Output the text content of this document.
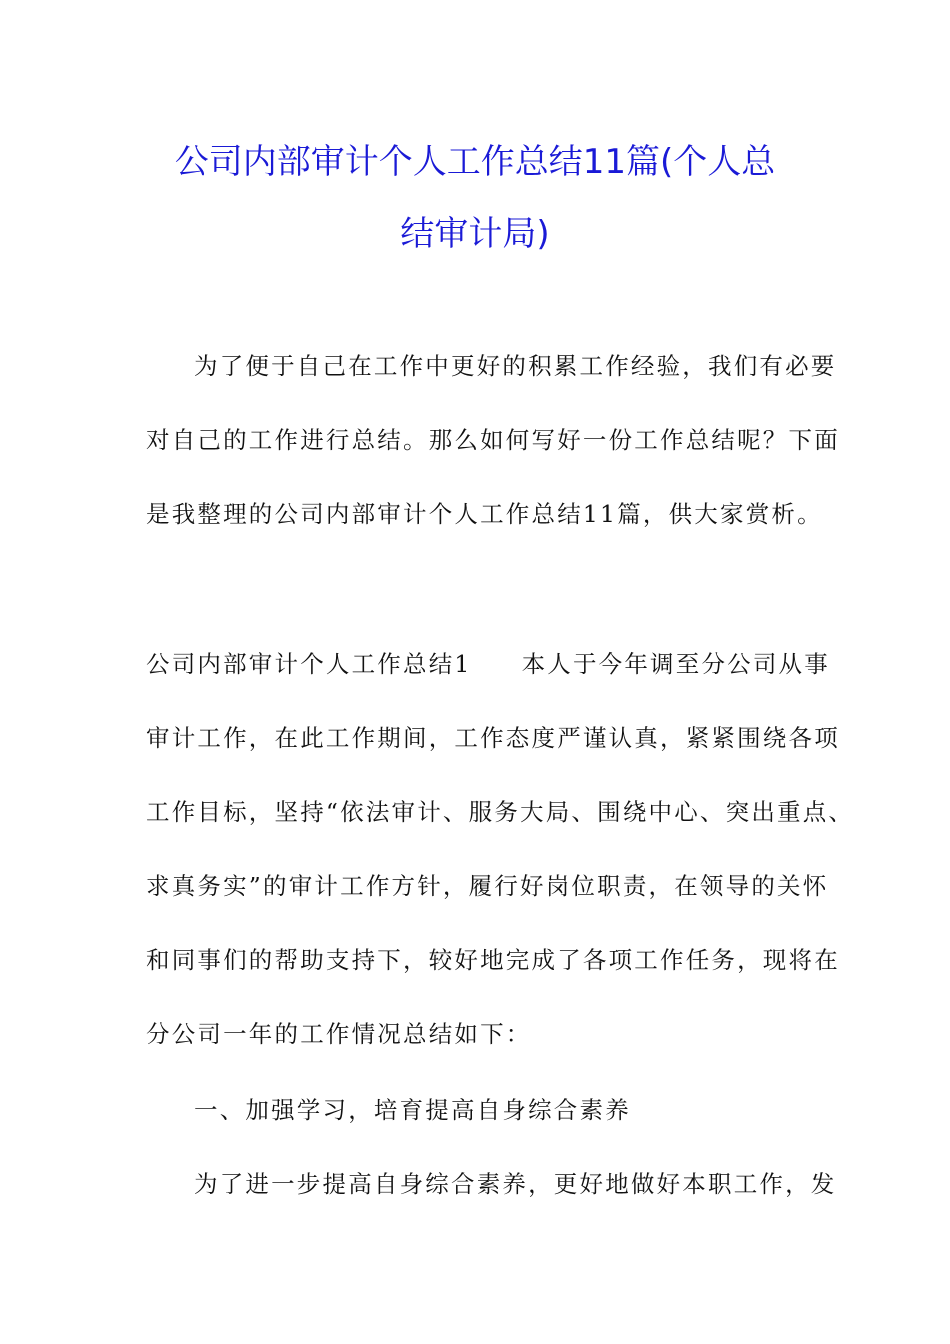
公司内部审计个人工作总结11篇(个人总
结审计局)
为了便于自己在工作中更好的积累工作经验，我们有必要
对自己的工作进行总结。那么如何写好一份工作总结呢？下面
是我整理的公司内部审计个人工作总结11篇，供大家赏析。
公司内部审计个人工作总结1 本人于今年调至分公司从事
审计工作，在此工作期间，工作态度严谨认真，紧紧围绕各项
工作目标，坚持“依法审计、服务大局、围绕中心、突出重点、
求真务实”的审计工作方针，履行好岗位职责，在领导的关怀
和同事们的帮助支持下，较好地完成了各项工作任务，现将在
分公司一年的工作情况总结如下：
一、加强学习，培育提高自身综合素养
为了进一步提高自身综合素养，更好地做好本职工作，发
